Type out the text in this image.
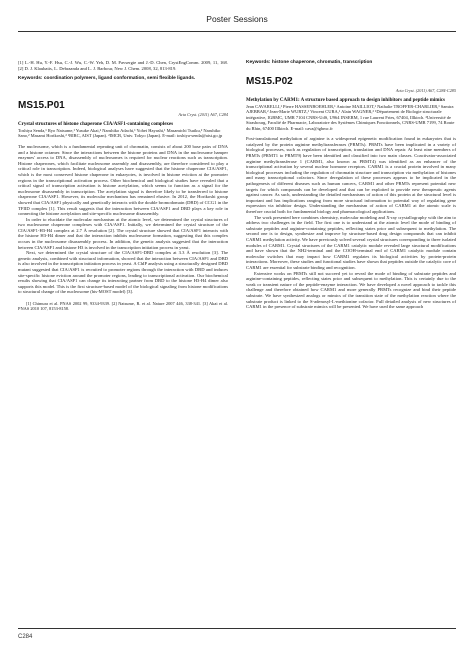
Poster Sessions

[1] L.-H. Hu, Y.-F. Hsu, C.-J. Wu, C.-W. Yeh, D. M. Pavsergie and J.-D. Chen, CrystEngComm. 2009, 11, 168. [2] D. J. Klaubatis, L. Debraanda and L. J. Barbour, New J. Chem. 2008, 32, 813-819.

Keywords: coordination polymers, ligand conformation, semi flexible ligands.

MS15.P01
Acta Cryst. (2011) A67, C284

Crystal structures of histone chaperone CIA/ASF1-containing complexes

Toshiya Senda,¹ Ryo Natsume,¹ Yusuke Akai,² Naruhiko Adachi,¹ Yohei Hayashi,¹ Masamichi Tsuiku,² Naruhiko Sano,² Masami Horikoshi,² ¹BIRC, AIST (Japan). ²IMCB, Univ. Tokyo (Japan). E-mail: toshiya-senda@aist.go.jp

The nucleosome, which is a fundamental repeating unit of chromatin, consists of about 200 base pairs of DNA and a histone octamer. Since the interactions between the histone proteins and DNA in the nucleosome hamper enzymes' access to DNA, disassembly of nucleosomes is required for nuclear reactions such as transcription. Histone chaperones, which facilitate nucleosome assembly and disassembly, are therefore considered to play a critical role in transcription. Indeed, biological analyses have suggested that the histone chaperone CIA/ASF1, which is the most conserved histone chaperone in eukaryotes, is involved in histone eviction at the promoter regions in the transcriptional activation process. Other biochemical and biological studies have revealed that a critical signal of transcription activation is histone acetylation, which seems to function as a signal for the nucleosome disassembly in transcription. The acetylation signal is therefore likely to be transferred to histone chaperone CIA/ASF1. However, its molecular mechanism has remained elusive. In 2012, the Horikoshi group showed that CIA/ASF1 physically and genetically interacts with the double bromodomain (DBD) of CCG1 in the TFIID complex [1]. This result suggests that the interaction between CIA/ASF1 and DBD plays a key role in connecting the histone acetylation and site-specific nucleosome disassembly.

In order to elucidate the molecular mechanism at the atomic level, we determined the crystal structures of two nucleosome chaperone complexes with CIA/ASF1. Initially, we determined the crystal structure of the CIA/ASF1-H3-H4 complex at 2.7 Å resolution [2]. The crystal structure showed that CIA/ASF1 interacts with the histone H3-H4 dimer and that the interaction inhibits nucleosome formation, suggesting that this complex occurs in the nucleosome disassembly process. In addition, the genetic analysis suggested that the interaction between CIA/ASF1 and histone H3 is involved in the transcription initiation process in yeast.

Next, we determined the crystal structure of the CIA/ASF1-DBD complex at 3.3 Å resolution [3]. The genetic analysis, combined with structural information, showed that the interaction between CIA/ASF1 and DBD is also involved in the transcription initiation process in yeast. A ChIP analysis using a structurally designed DBD mutant suggested that CIA/ASF1 is recruited to promoter regions through the interaction with DBD and induces site-specific histone eviction around the promoter regions, leading to transcriptional activation. Our biochemical results showing that CIA/ASF1 can change its interacting partner from DBD to the histone H3-H4 dimer also supports this model. This is the first structure-based model of the biological signaling from histone modifications to structural change of the nucleosome (his-MOST model) [3].

[1] Chimura et al. PNAS 2002 99, 9334-9339. [2] Natsume, R. et al. Nature 2007 446, 338-341. [3] Akai et al. PNAS 2010 107, 8153-8158.

Keywords: histone chaperone, chromatin, transcription

MS15.P02
Acta Cryst. (2011) A67, C284-C285

Methylation by CARM1: A structure based approach to design inhibitors and peptide mimics

Jean CAVARELLI,¹ Pierre HASSENBOEHLER,¹ Antoine MAILLIOT,¹ Nathalie TROFFER-CHARLIER,¹ Samira AJEBBAR,² Jean-Marie WURTZ,¹ Vincent CURA,¹ Alain WAGNER,² ¹Département de Biologie structurale intégrative, IGBMC, UMR 7104 CNRS-UdS, U964 INSERM, 1 rue Laurent Fries, 67404, Illkirch. ²Université de Strasbourg, Faculté de Pharmacie, Laboratoire des Systèmes Chimiques Fonctionnels, CNRS-UMR 7199, 74 Route du Rhin, 67400 Illkirch. E-mail: cava@igbmc.fr

Post-translational methylation of arginine is a widespread epigenetic modification found in eukaryotes that is catalyzed by the protein arginine methyltransferases (PRMTs). PRMTs have been implicated in a variety of biological processes, such as regulation of transcription, translation and DNA repair. At least nine members of PRMTs (PRMT1 to PRMT9) have been identified and classified into two main classes. Coactivator-associated arginine methyltransferase 1 (CARM1, also known as PRMT4) was identified as an enhancer of the transcriptional activation by several nuclear hormone receptors. CARM1 is a crucial protein involved in many biological processes including the regulation of chromatin structure and transcription via methylation of histones and many transcriptional cofactors. Since deregulation of these processes appears to be implicated in the pathogenesis of different diseases such as human cancers, CARM1 and other PRMTs represent potential new targets for which compounds can be developed and that can be exploited to provide new therapeutic agents against cancer. As such, understanding the detailed mechanisms of action of this protein at the structural level is important and has implications ranging from more structural information to potential way of regulating gene expression via inhibitor design. Understanding the mechanism of action of CARM1 at the atomic scale is therefore crucial both for fundamental biology and pharmacological applications.

The work presented here combines chemistry, molecular modeling and X-ray crystallography with the aim to address two challenges in the field. The first one is to understand at the atomic level the mode of binding of substrate peptides and arginine-containing peptides, reflecting states prior and subsequent to methylation. The second one is to design, synthesize and improve by structure-based drug design compounds that can inhibit CARM1 methylation activity. We have previously solved several crystal structures corresponding to three isolated modules of CARM1. Crystal structures of the CARM1 catalytic module revealed large structural modifications and have shown that the NH2-terminal and the COOH-terminal end of CARM1 catalytic module contain molecular switches that may impact how CARM1 regulates its biological activities by protein-protein interactions. Moreover, these studies and functional studies have shown that peptides outside the catalytic core of CARM1 are essential for substrate binding and recognition.

Extensive works on PRMTs still not succeed yet to reveal the mode of binding of substrate peptides and arginine-containing peptides, reflecting states prior and subsequent to methylation. This is certainly due to the weak or transient nature of the peptide-enzyme interaction. We have developed a novel approach to tackle this challenge and therefore obtained how CARM1 and more generally PRMTs recognize and bind their peptide substrate. We have synthesized analogs or mimics of the transition state of the methylation reaction where the substrate product is linked to the S-adenosyl-L-methionine cofactor. Full detailed analysis of new structures of CARM1 in the presence of substrate mimics will be presented. We have used the same approach

C284
